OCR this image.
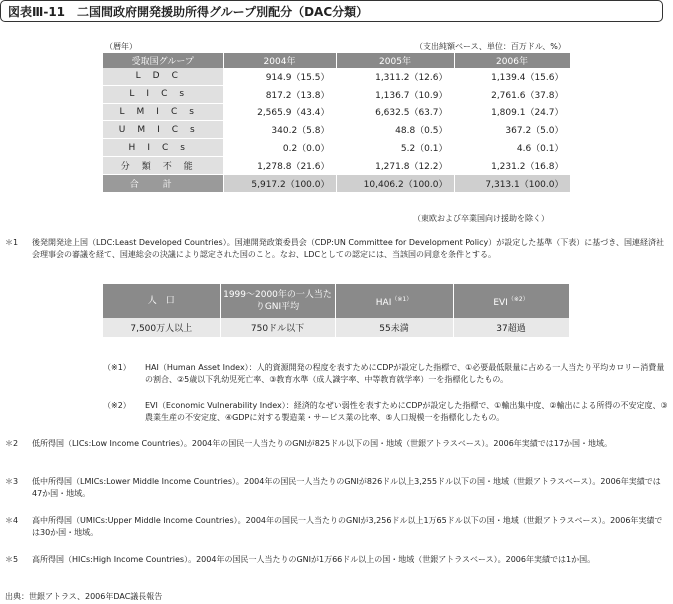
図表Ⅲ-11　二国間政府開発援助所得グループ別配分（DAC分類）
（暦年）	（支出純額ベース、単位：百万ドル、%）
受取国グループ	2004年	2005年	2006年
LDC	914.9（15.5）	1,311.2（12.6）	1,139.4（15.6）
LICs	817.2（13.8）	1,136.7（10.9）	2,761.6（37.8）
LMICs	2,565.9（43.4）	6,632.5（63.7）	1,809.1（24.7）
UMICs	340.2（5.8）	48.8（0.5）	367.2（5.0）
HICs	0.2（0.0）	5.2（0.1）	4.6（0.1）
分類不能	1,278.8（21.6）	1,271.8（12.2）	1,231.2（16.8）
合計	5,917.2（100.0）	10,406.2（100.0）	7,313.1（100.0）
（東欧および卒業国向け援助を除く）
＊1 後発開発途上国（LDC:Least Developed Countries）。国連開発政策委員会（CDP:UN Committee for Development Policy）が設定した基準（下表）に基づき、国連経済社会理事会の審議を経て、国連総会の決議により認定された国のこと。なお、LDCとしての認定には、当該国の同意を条件とする。
人　口	1999〜2000年の一人当たりGNI平均	$HAI^{(※1)}$	$EVI^{(※2)}$
7,500万人以上	750ドル以下	55未満	37超過
（※1） HAI（Human Asset Index）：人的資源開発の程度を表すためにCDPが設定した指標で、①必要最低限量に占める一人当たり平均カロリー消費量の割合、②5歳以下乳幼児死亡率、③教育水準（成人識字率、中等教育就学率）一を指標化したもの。
（※2） EVI（Economic Vulnerability Index）：経済的なぜい弱性を表すためにCDPが設定した指標で、①輸出集中度、②輸出による所得の不安定度、③農業生産の不安定度、④GDPに対する製造業・サービス業の比率、⑤人口規模一を指標化したもの。
＊2 低所得国（LICs:Low Income Countries）。2004年の国民一人当たりのGNIが825ドル以下の国・地域（世銀アトラスベース）。2006年実績では17か国・地域。
＊3 低中所得国（LMICs:Lower Middle Income Countries）。2004年の国民一人当たりのGNIが826ドル以上3,255ドル以下の国・地域（世銀アトラスベース）。2006年実績では47か国・地域。
＊4 高中所得国（UMICs:Upper Middle Income Countries）。2004年の国民一人当たりのGNIが3,256ドル以上1万65ドル以下の国・地域（世銀アトラスベース）。2006年実績では30か国・地域。
＊5 高所得国（HICs:High Income Countries）。2004年の国民一人当たりのGNIが1万66ドル以上の国・地域（世銀アトラスベース）。2006年実績では1か国。
出典：世銀アトラス、2006年DAC議長報告
